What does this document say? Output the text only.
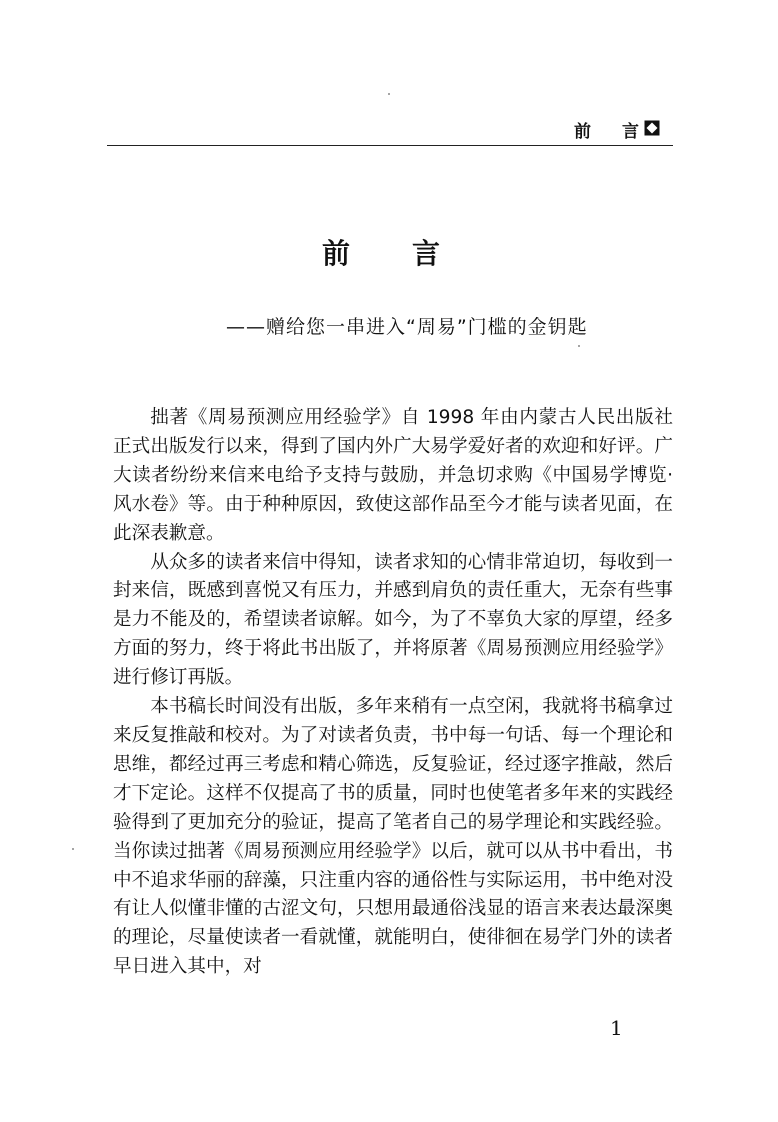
前 言
前 言
——赠给您一串进入“周易”门槛的金钥匙

拙著《周易预测应用经验学》自 1998 年由内蒙古人民出版社正式出版发行以来，得到了国内外广大易学爱好者的欢迎和好评。广大读者纷纷来信来电给予支持与鼓励，并急切求购《中国易学博览·风水卷》等。由于种种原因，致使这部作品至今才能与读者见面，在此深表歉意。

从众多的读者来信中得知，读者求知的心情非常迫切，每收到一封来信，既感到喜悦又有压力，并感到肩负的责任重大，无奈有些事是力不能及的，希望读者谅解。如今，为了不辜负大家的厚望，经多方面的努力，终于将此书出版了，并将原著《周易预测应用经验学》进行修订再版。

本书稿长时间没有出版，多年来稍有一点空闲，我就将书稿拿过来反复推敲和校对。为了对读者负责，书中每一句话、每一个理论和思维，都经过再三考虑和精心筛选，反复验证，经过逐字推敲，然后才下定论。这样不仅提高了书的质量，同时也使笔者多年来的实践经验得到了更加充分的验证，提高了笔者自己的易学理论和实践经验。当你读过拙著《周易预测应用经验学》以后，就可以从书中看出，书中不追求华丽的辞藻，只注重内容的通俗性与实际运用，书中绝对没有让人似懂非懂的古涩文句，只想用最通俗浅显的语言来表达最深奥的理论，尽量使读者一看就懂，就能明白，使徘徊在易学门外的读者早日进入其中，对

1
